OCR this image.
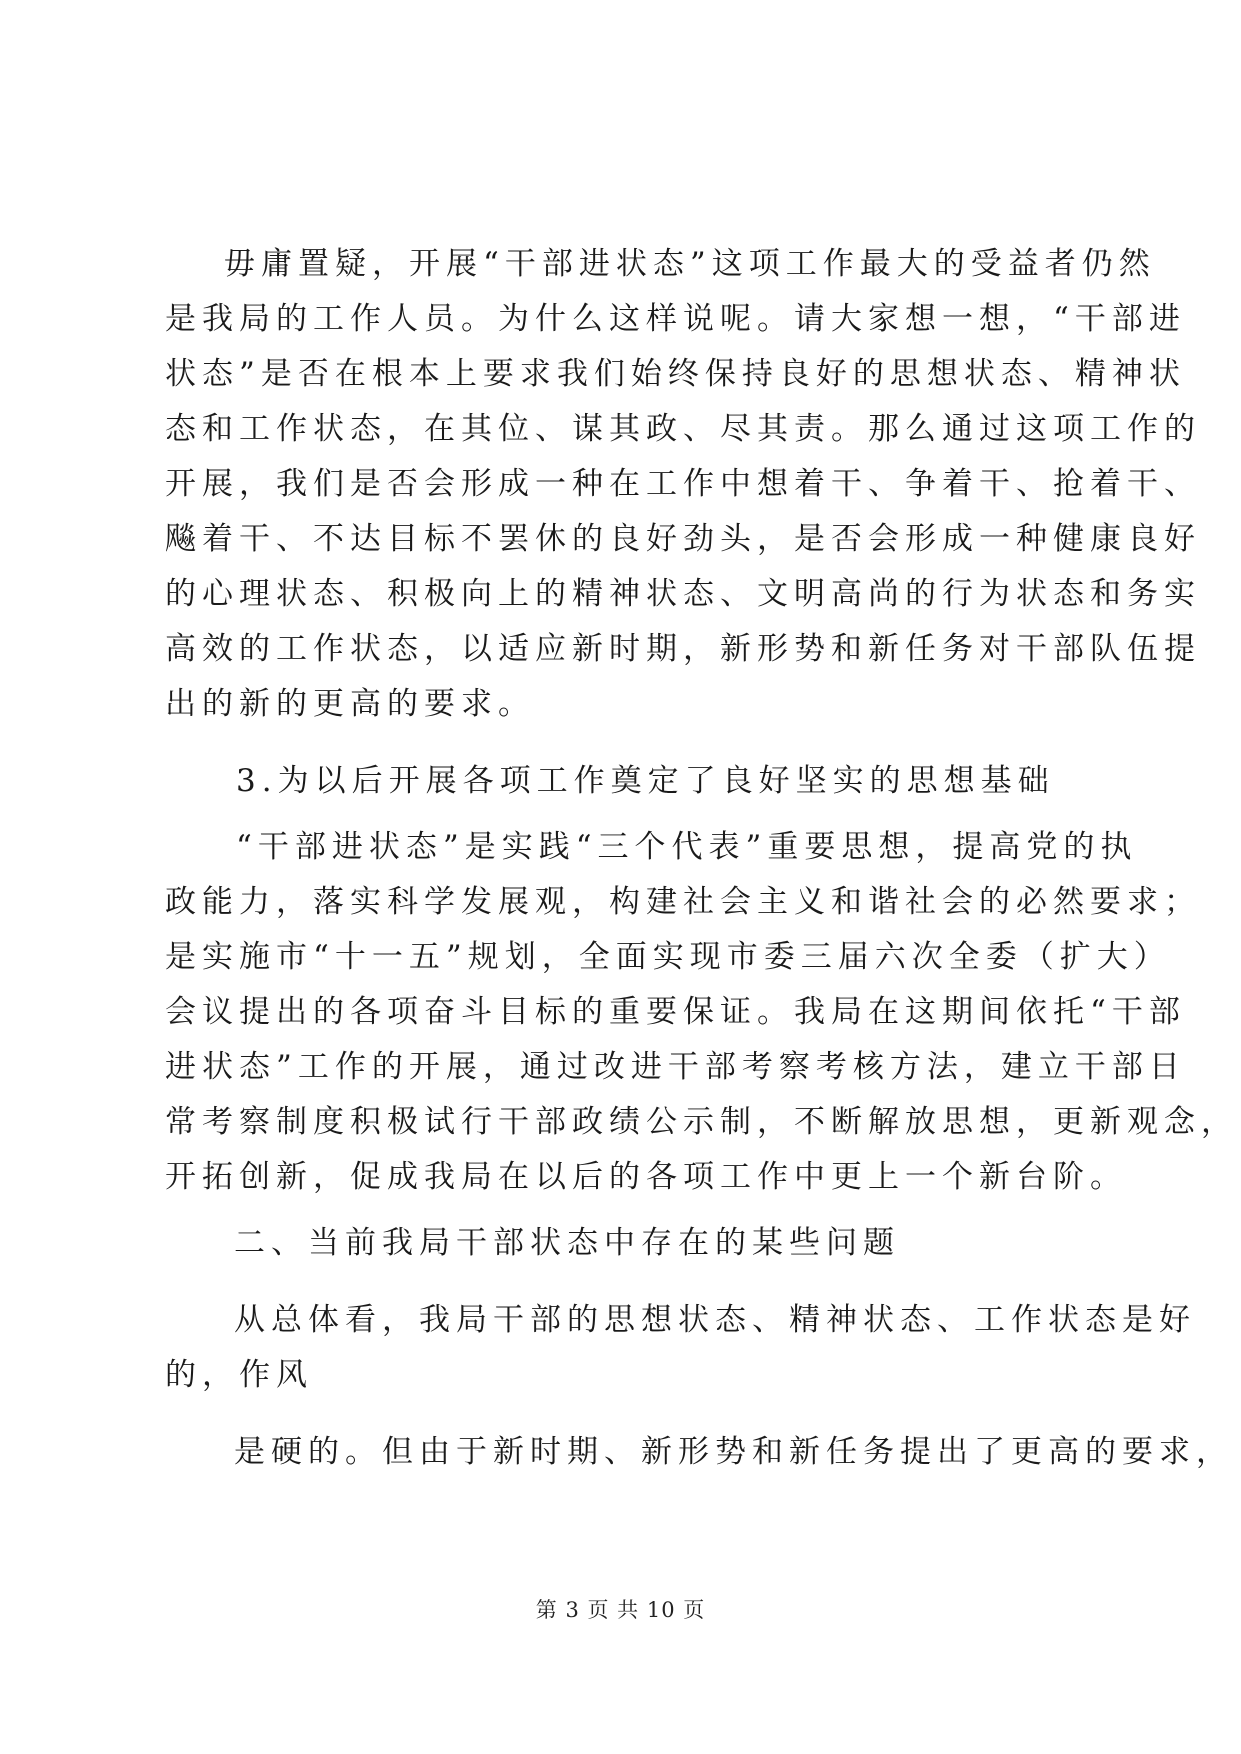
毋庸置疑，开展“干部进状态”这项工作最大的受益者仍然
是我局的工作人员。为什么这样说呢。请大家想一想，“干部进
状态”是否在根本上要求我们始终保持良好的思想状态、精神状
态和工作状态，在其位、谋其政、尽其责。那么通过这项工作的
开展，我们是否会形成一种在工作中想着干、争着干、抢着干、
飚着干、不达目标不罢休的良好劲头，是否会形成一种健康良好
的心理状态、积极向上的精神状态、文明高尚的行为状态和务实
高效的工作状态，以适应新时期，新形势和新任务对干部队伍提
出的新的更高的要求。
3.为以后开展各项工作奠定了良好坚实的思想基础
“干部进状态”是实践“三个代表”重要思想，提高党的执
政能力，落实科学发展观，构建社会主义和谐社会的必然要求；
是实施市“十一五”规划，全面实现市委三届六次全委（扩大）
会议提出的各项奋斗目标的重要保证。我局在这期间依托“干部
进状态”工作的开展，通过改进干部考察考核方法，建立干部日
常考察制度积极试行干部政绩公示制，不断解放思想，更新观念，
开拓创新，促成我局在以后的各项工作中更上一个新台阶。
二、当前我局干部状态中存在的某些问题
从总体看，我局干部的思想状态、精神状态、工作状态是好
的，作风
是硬的。但由于新时期、新形势和新任务提出了更高的要求，
第 3 页 共 10 页
